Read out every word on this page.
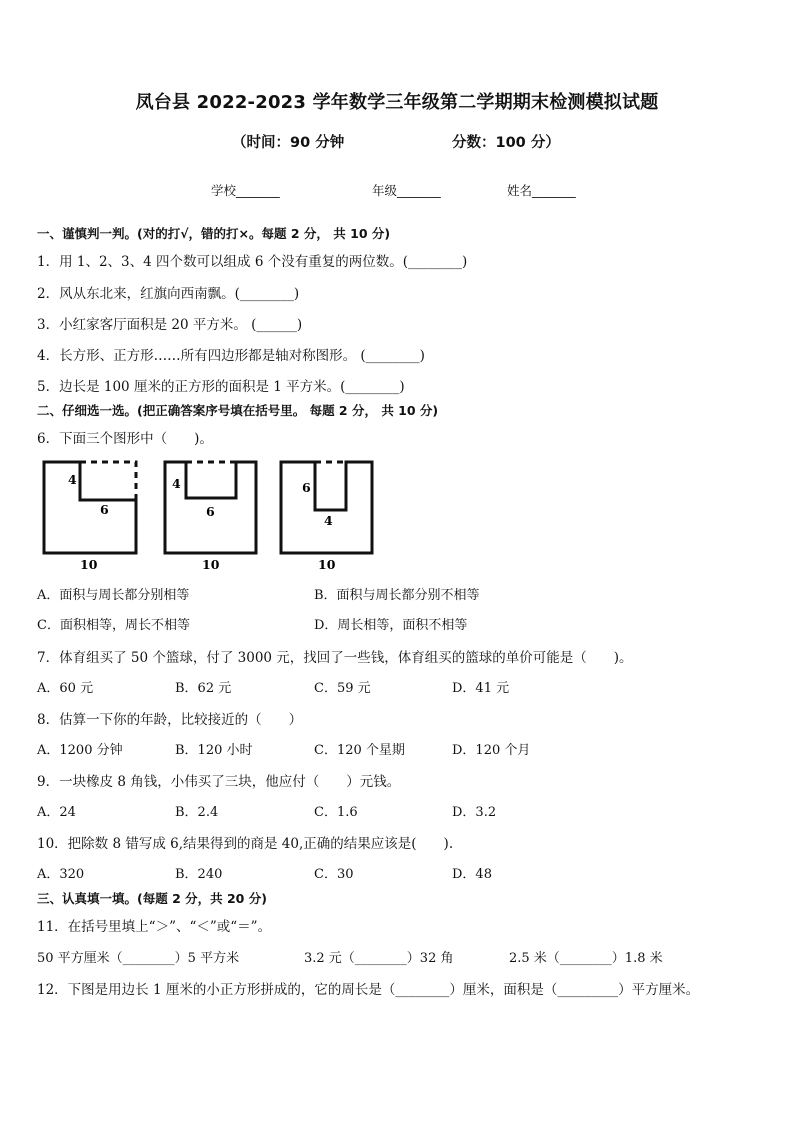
凤台县 2022-2023 学年数学三年级第二学期期末检测模拟试题
（时间：90 分钟	分数：100 分）
学校_______	年级_______	姓名_______
一、谨慎判一判。(对的打√，错的打×。每题 2 分， 共 10 分)
1．用 1、2、3、4 四个数可以组成 6 个没有重复的两位数。(________)
2．风从东北来，红旗向西南飘。(________)
3．小红家客厅面积是 20 平方米。 (______)
4．长方形、正方形……所有四边形都是轴对称图形。 (________)
5．边长是 100 厘米的正方形的面积是 1 平方米。(________)
二、仔细选一选。(把正确答案序号填在括号里。 每题 2 分， 共 10 分)
6．下面三个图形中（　　)。
4
6
10
4
6
10
6
4
10
A．面积与周长都分别相等	B．面积与周长都分别不相等
C．面积相等，周长不相等	D．周长相等，面积不相等
7．体育组买了 50 个篮球，付了 3000 元，找回了一些钱，体育组买的篮球的单价可能是（　　)。
A．60 元	B．62 元	C．59 元	D．41 元
8．估算一下你的年龄，比较接近的（　　）
A．1200 分钟	B．120 小时	C．120 个星期	D．120 个月
9．一块橡皮 8 角钱，小伟买了三块，他应付（　　）元钱。
A．24	B．2.4	C．1.6	D．3.2
10．把除数 8 错写成 6,结果得到的商是 40,正确的结果应该是(　　).
A．320	B．240	C．30	D．48
三、认真填一填。(每题 2 分，共 20 分)
11．在括号里填上“＞”、“＜”或“＝”。
50 平方厘米（________）5 平方米	3.2 元（________）32 角	2.5 米（________）1.8 米
12．下图是用边长 1 厘米的小正方形拼成的，它的周长是（________）厘米，面积是（_________）平方厘米。
